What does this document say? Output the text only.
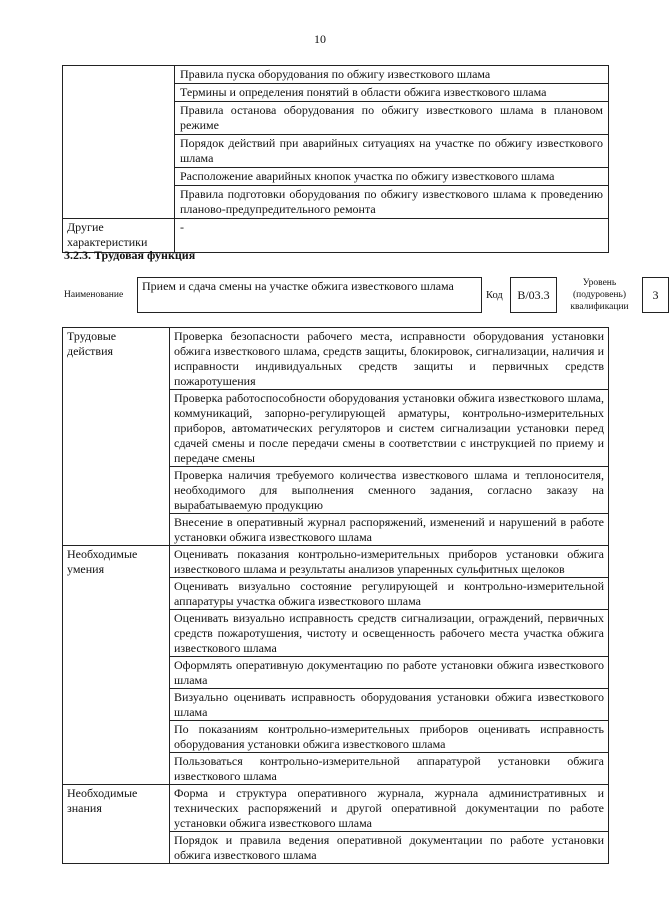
10
	Правила пуска оборудования по обжигу известкового шлама
	Термины и определения понятий в области обжига известкового шлама
	Правила останова оборудования по обжигу известкового шлама в плановом режиме
	Порядок действий при аварийных ситуациях на участке по обжигу известкового шлама
	Расположение аварийных кнопок участка по обжигу известкового шлама
	Правила подготовки оборудования по обжигу известкового шлама к проведению планово-предупредительного ремонта
Другие характеристики	-
3.2.3. Трудовая функция
Наименование
Прием и сдача смены на участке обжига известкового шлама
Код	B/03.3
Уровень (подуровень) квалификации
3
Трудовые действия	Проверка безопасности рабочего места, исправности оборудования установки обжига известкового шлама, средств защиты, блокировок, сигнализации, наличия и исправности индивидуальных средств защиты и первичных средств пожаротушения
	Проверка работоспособности оборудования установки обжига известкового шлама, коммуникаций, запорно-регулирующей арматуры, контрольно-измерительных приборов, автоматических регуляторов и систем сигнализации установки перед сдачей смены и после передачи смены в соответствии с инструкцией по приему и передаче смены
	Проверка наличия требуемого количества известкового шлама и теплоносителя, необходимого для выполнения сменного задания, согласно заказу на вырабатываемую продукцию
	Внесение в оперативный журнал распоряжений, изменений и нарушений в работе установки обжига известкового шлама
Необходимые умения	Оценивать показания контрольно-измерительных приборов установки обжига известкового шлама и результаты анализов упаренных сульфитных щелоков
	Оценивать визуально состояние регулирующей и контрольно-измерительной аппаратуры участка обжига известкового шлама
	Оценивать визуально исправность средств сигнализации, ограждений, первичных средств пожаротушения, чистоту и освещенность рабочего места участка обжига известкового шлама
	Оформлять оперативную документацию по работе установки обжига известкового шлама
	Визуально оценивать исправность оборудования установки обжига известкового шлама
	По показаниям контрольно-измерительных приборов оценивать исправность оборудования установки обжига известкового шлама
	Пользоваться контрольно-измерительной аппаратурой установки обжига известкового шлама
Необходимые знания	Форма и структура оперативного журнала, журнала административных и технических распоряжений и другой оперативной документации по работе установки обжига известкового шлама
	Порядок и правила ведения оперативной документации по работе установки обжига известкового шлама
